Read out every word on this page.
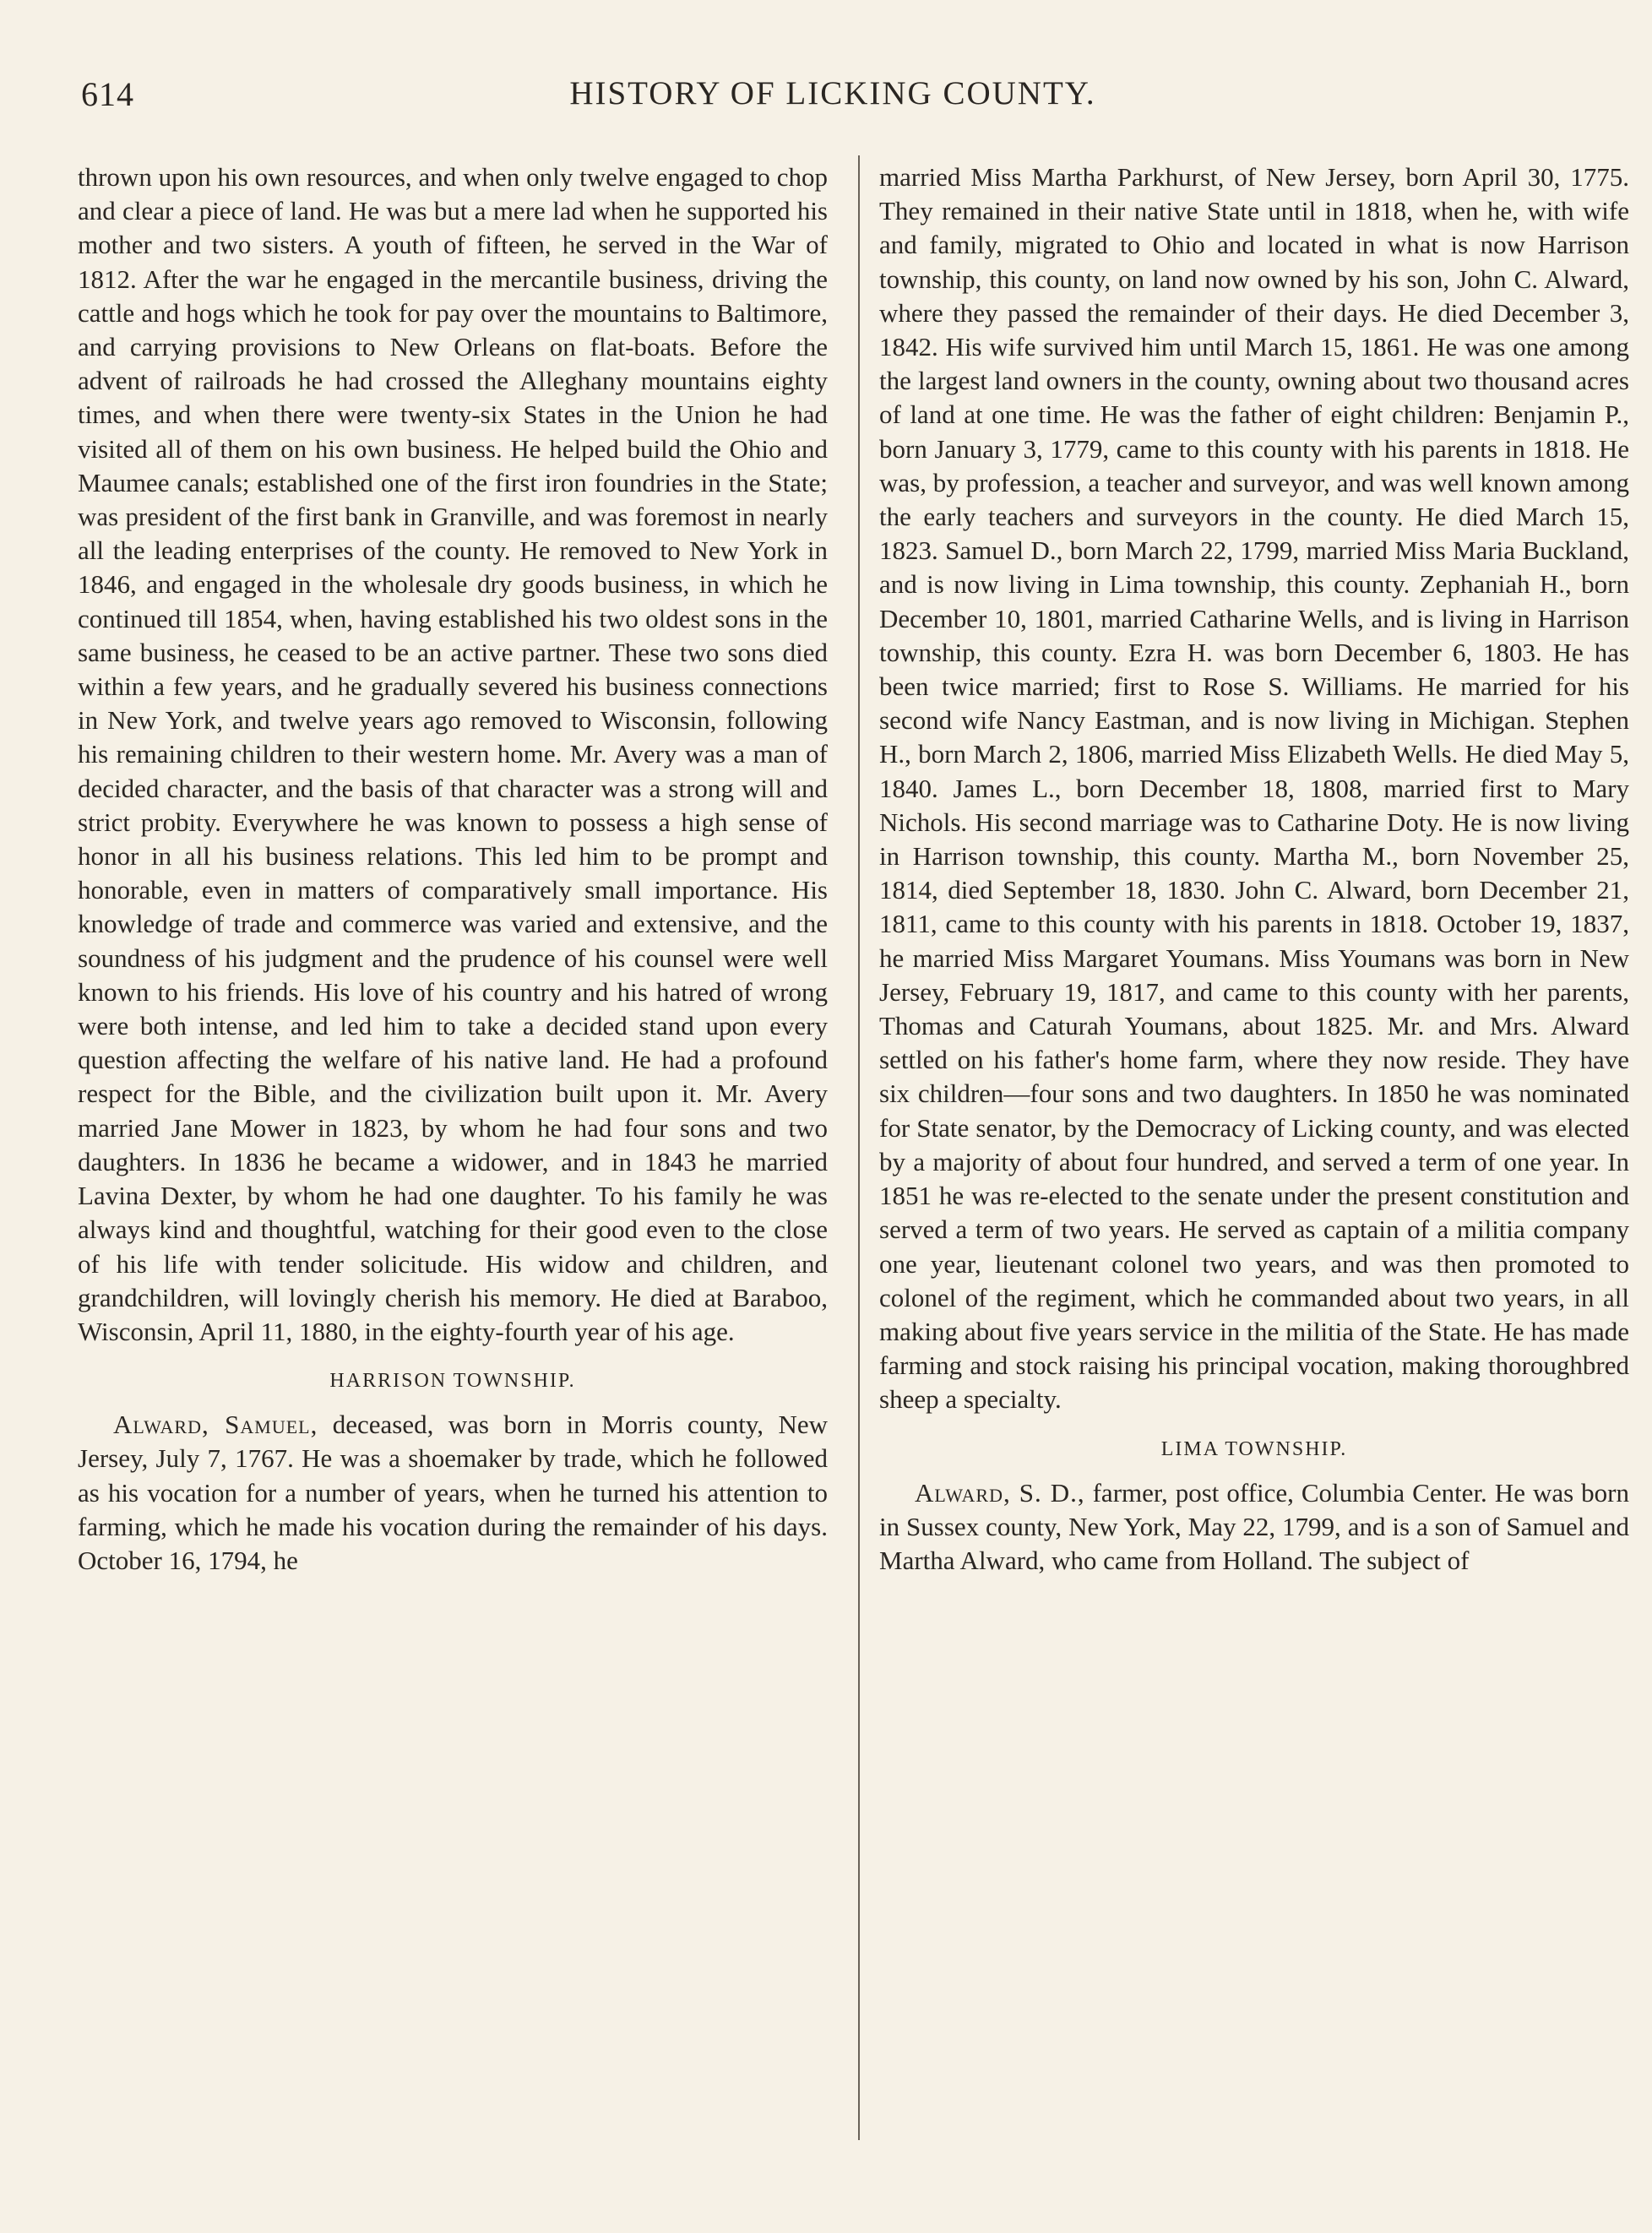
614	HISTORY OF LICKING COUNTY.

thrown upon his own resources, and when only twelve engaged to chop and clear a piece of land. He was but a mere lad when he supported his mother and two sisters. A youth of fifteen, he served in the War of 1812. After the war he engaged in the mercantile business, driving the cattle and hogs which he took for pay over the mountains to Baltimore, and carrying provisions to New Orleans on flat-boats. Before the advent of railroads he had crossed the Alleghany mountains eighty times, and when there were twenty-six States in the Union he had visited all of them on his own business. He helped build the Ohio and Maumee canals; established one of the first iron foundries in the State; was president of the first bank in Granville, and was foremost in nearly all the leading enterprises of the county. He removed to New York in 1846, and engaged in the wholesale dry goods business, in which he continued till 1854, when, having established his two oldest sons in the same business, he ceased to be an active partner. These two sons died within a few years, and he gradually severed his business connections in New York, and twelve years ago removed to Wisconsin, following his remaining children to their western home. Mr. Avery was a man of decided character, and the basis of that character was a strong will and strict probity. Everywhere he was known to possess a high sense of honor in all his business relations. This led him to be prompt and honorable, even in matters of comparatively small importance. His knowledge of trade and commerce was varied and extensive, and the soundness of his judgment and the prudence of his counsel were well known to his friends. His love of his country and his hatred of wrong were both intense, and led him to take a decided stand upon every question affecting the welfare of his native land. He had a profound respect for the Bible, and the civilization built upon it. Mr. Avery married Jane Mower in 1823, by whom he had four sons and two daughters. In 1836 he became a widower, and in 1843 he married Lavina Dexter, by whom he had one daughter. To his family he was always kind and thoughtful, watching for their good even to the close of his life with tender solicitude. His widow and children, and grandchildren, will lovingly cherish his memory. He died at Baraboo, Wisconsin, April 11, 1880, in the eighty-fourth year of his age.

HARRISON TOWNSHIP.

Alward, Samuel, deceased, was born in Morris county, New Jersey, July 7, 1767. He was a shoemaker by trade, which he followed as his vocation for a number of years, when he turned his attention to farming, which he made his vocation during the remainder of his days. October 16, 1794, he

married Miss Martha Parkhurst, of New Jersey, born April 30, 1775. They remained in their native State until in 1818, when he, with wife and family, migrated to Ohio and located in what is now Harrison township, this county, on land now owned by his son, John C. Alward, where they passed the remainder of their days. He died December 3, 1842. His wife survived him until March 15, 1861. He was one among the largest land owners in the county, owning about two thousand acres of land at one time. He was the father of eight children: Benjamin P., born January 3, 1779, came to this county with his parents in 1818. He was, by profession, a teacher and surveyor, and was well known among the early teachers and surveyors in the county. He died March 15, 1823. Samuel D., born March 22, 1799, married Miss Maria Buckland, and is now living in Lima township, this county. Zephaniah H., born December 10, 1801, married Catharine Wells, and is living in Harrison township, this county. Ezra H. was born December 6, 1803. He has been twice married; first to Rose S. Williams. He married for his second wife Nancy Eastman, and is now living in Michigan. Stephen H., born March 2, 1806, married Miss Elizabeth Wells. He died May 5, 1840. James L., born December 18, 1808, married first to Mary Nichols. His second marriage was to Catharine Doty. He is now living in Harrison township, this county. Martha M., born November 25, 1814, died September 18, 1830. John C. Alward, born December 21, 1811, came to this county with his parents in 1818. October 19, 1837, he married Miss Margaret Youmans. Miss Youmans was born in New Jersey, February 19, 1817, and came to this county with her parents, Thomas and Caturah Youmans, about 1825. Mr. and Mrs. Alward settled on his father's home farm, where they now reside. They have six children—four sons and two daughters. In 1850 he was nominated for State senator, by the Democracy of Licking county, and was elected by a majority of about four hundred, and served a term of one year. In 1851 he was re-elected to the senate under the present constitution and served a term of two years. He served as captain of a militia company one year, lieutenant colonel two years, and was then promoted to colonel of the regiment, which he commanded about two years, in all making about five years service in the militia of the State. He has made farming and stock raising his principal vocation, making thoroughbred sheep a specialty.

LIMA TOWNSHIP.

Alward, S. D., farmer, post office, Columbia Center. He was born in Sussex county, New York, May 22, 1799, and is a son of Samuel and Martha Alward, who came from Holland. The subject of
